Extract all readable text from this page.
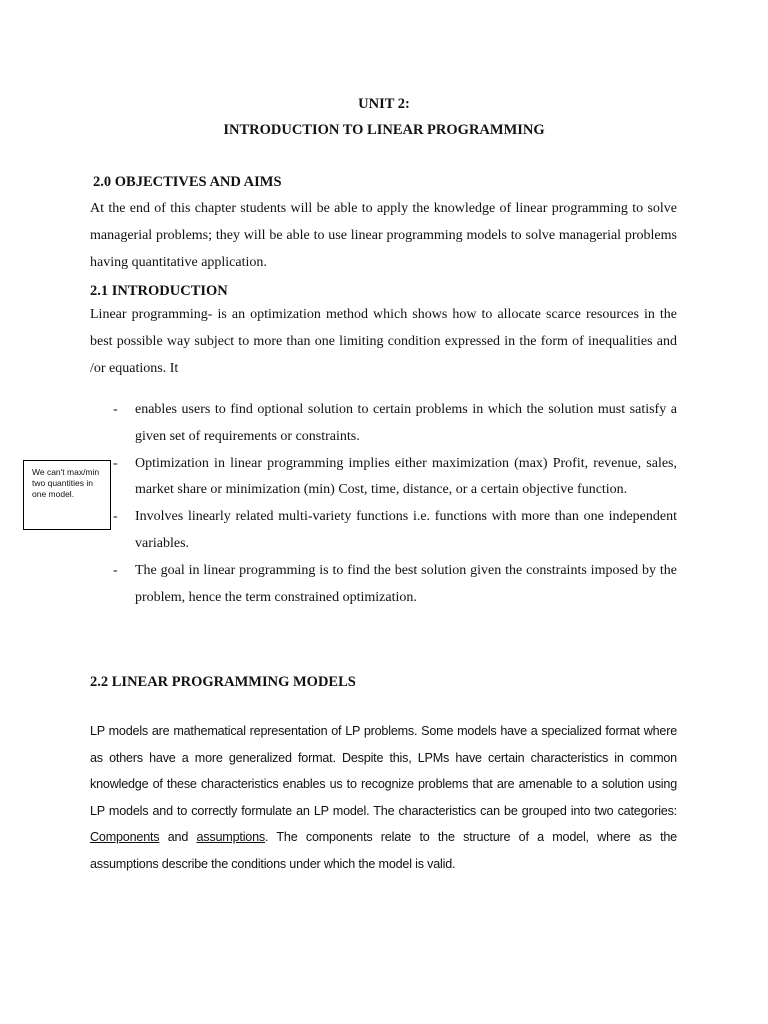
UNIT 2:
INTRODUCTION TO LINEAR PROGRAMMING
2.0 OBJECTIVES AND AIMS

At the end of this chapter students will be able to apply the knowledge of linear programming to solve managerial problems; they will be able to use linear programming models to solve managerial problems having quantitative application.

2.1 INTRODUCTION

Linear programming- is an optimization method which shows how to allocate scarce resources in the best possible way subject to more than one limiting condition expressed in the form of inequalities and /or equations. It

- enables users to find optional solution to certain problems in which the solution must satisfy a given set of requirements or constraints.
- Optimization in linear programming implies either maximization (max) Profit, revenue, sales, market share or minimization (min) Cost, time, distance, or a certain objective function.
- Involves linearly related multi-variety functions i.e. functions with more than one independent variables.
- The goal in linear programming is to find the best solution given the constraints imposed by the problem, hence the term constrained optimization.
We can't max/min two quantities in one model.
2.2 LINEAR PROGRAMMING MODELS

LP models are mathematical representation of LP problems. Some models have a specialized format where as others have a more generalized format. Despite this, LPMs have certain characteristics in common knowledge of these characteristics enables us to recognize problems that are amenable to a solution using LP models and to correctly formulate an LP model. The characteristics can be grouped into two categories: Components and assumptions. The components relate to the structure of a model, where as the assumptions describe the conditions under which the model is valid.
